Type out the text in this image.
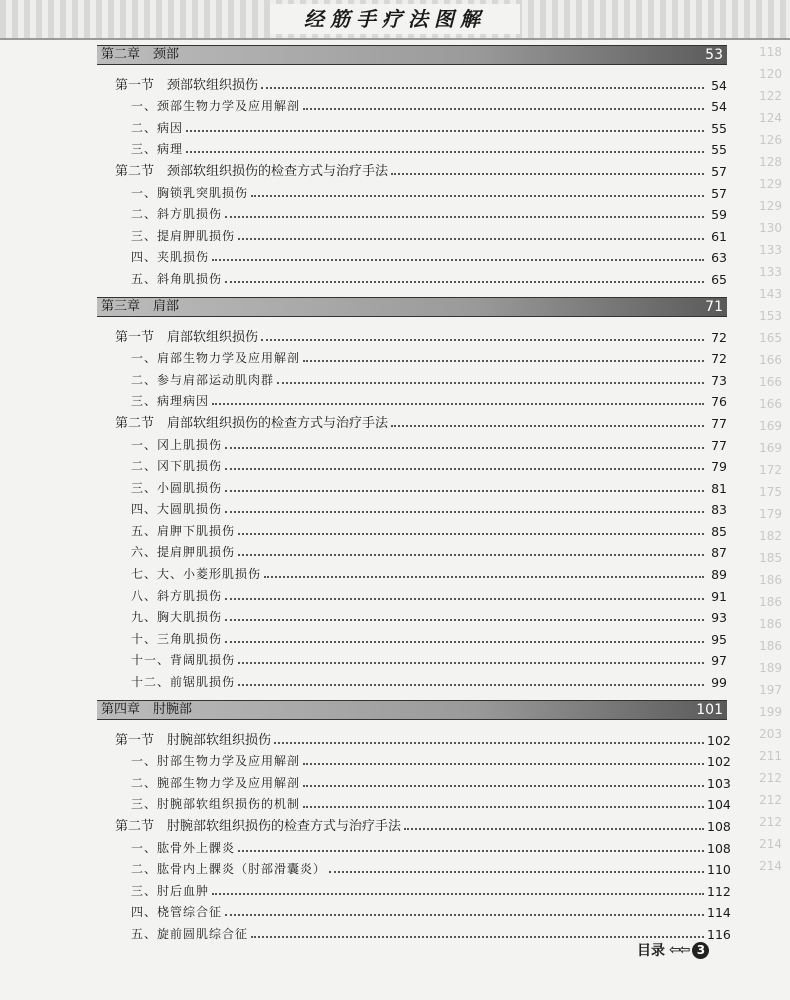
经筋手疗法图解
118
120
122
124
126
128
129
129
130
133
133
143
153
165
166
166
166
169
169
172
175
179
182
185
186
186
186
186
189
197
199
203
211
212
212
212
214
214
第二章　颈部	53
第一节　颈部软组织损伤	54
一、颈部生物力学及应用解剖	54
二、病因	55
三、病理	55
第二节　颈部软组织损伤的检查方式与治疗手法	57
一、胸锁乳突肌损伤	57
二、斜方肌损伤	59
三、提肩胛肌损伤	61
四、夹肌损伤	63
五、斜角肌损伤	65
第三章　肩部	71
第一节　肩部软组织损伤	72
一、肩部生物力学及应用解剖	72
二、参与肩部运动肌肉群	73
三、病理病因	76
第二节　肩部软组织损伤的检查方式与治疗手法	77
一、冈上肌损伤	77
二、冈下肌损伤	79
三、小圆肌损伤	81
四、大圆肌损伤	83
五、肩胛下肌损伤	85
六、提肩胛肌损伤	87
七、大、小菱形肌损伤	89
八、斜方肌损伤	91
九、胸大肌损伤	93
十、三角肌损伤	95
十一、背阔肌损伤	97
十二、前锯肌损伤	99
第四章　肘腕部	101
第一节　肘腕部软组织损伤	102
一、肘部生物力学及应用解剖	102
二、腕部生物力学及应用解剖	103
三、肘腕部软组织损伤的机制	104
第二节　肘腕部软组织损伤的检查方式与治疗手法	108
一、肱骨外上髁炎	108
二、肱骨内上髁炎（肘部滑囊炎）	110
三、肘后血肿	112
四、桡管综合征	114
五、旋前圆肌综合征	116
目录 ⇦⇦ 3
